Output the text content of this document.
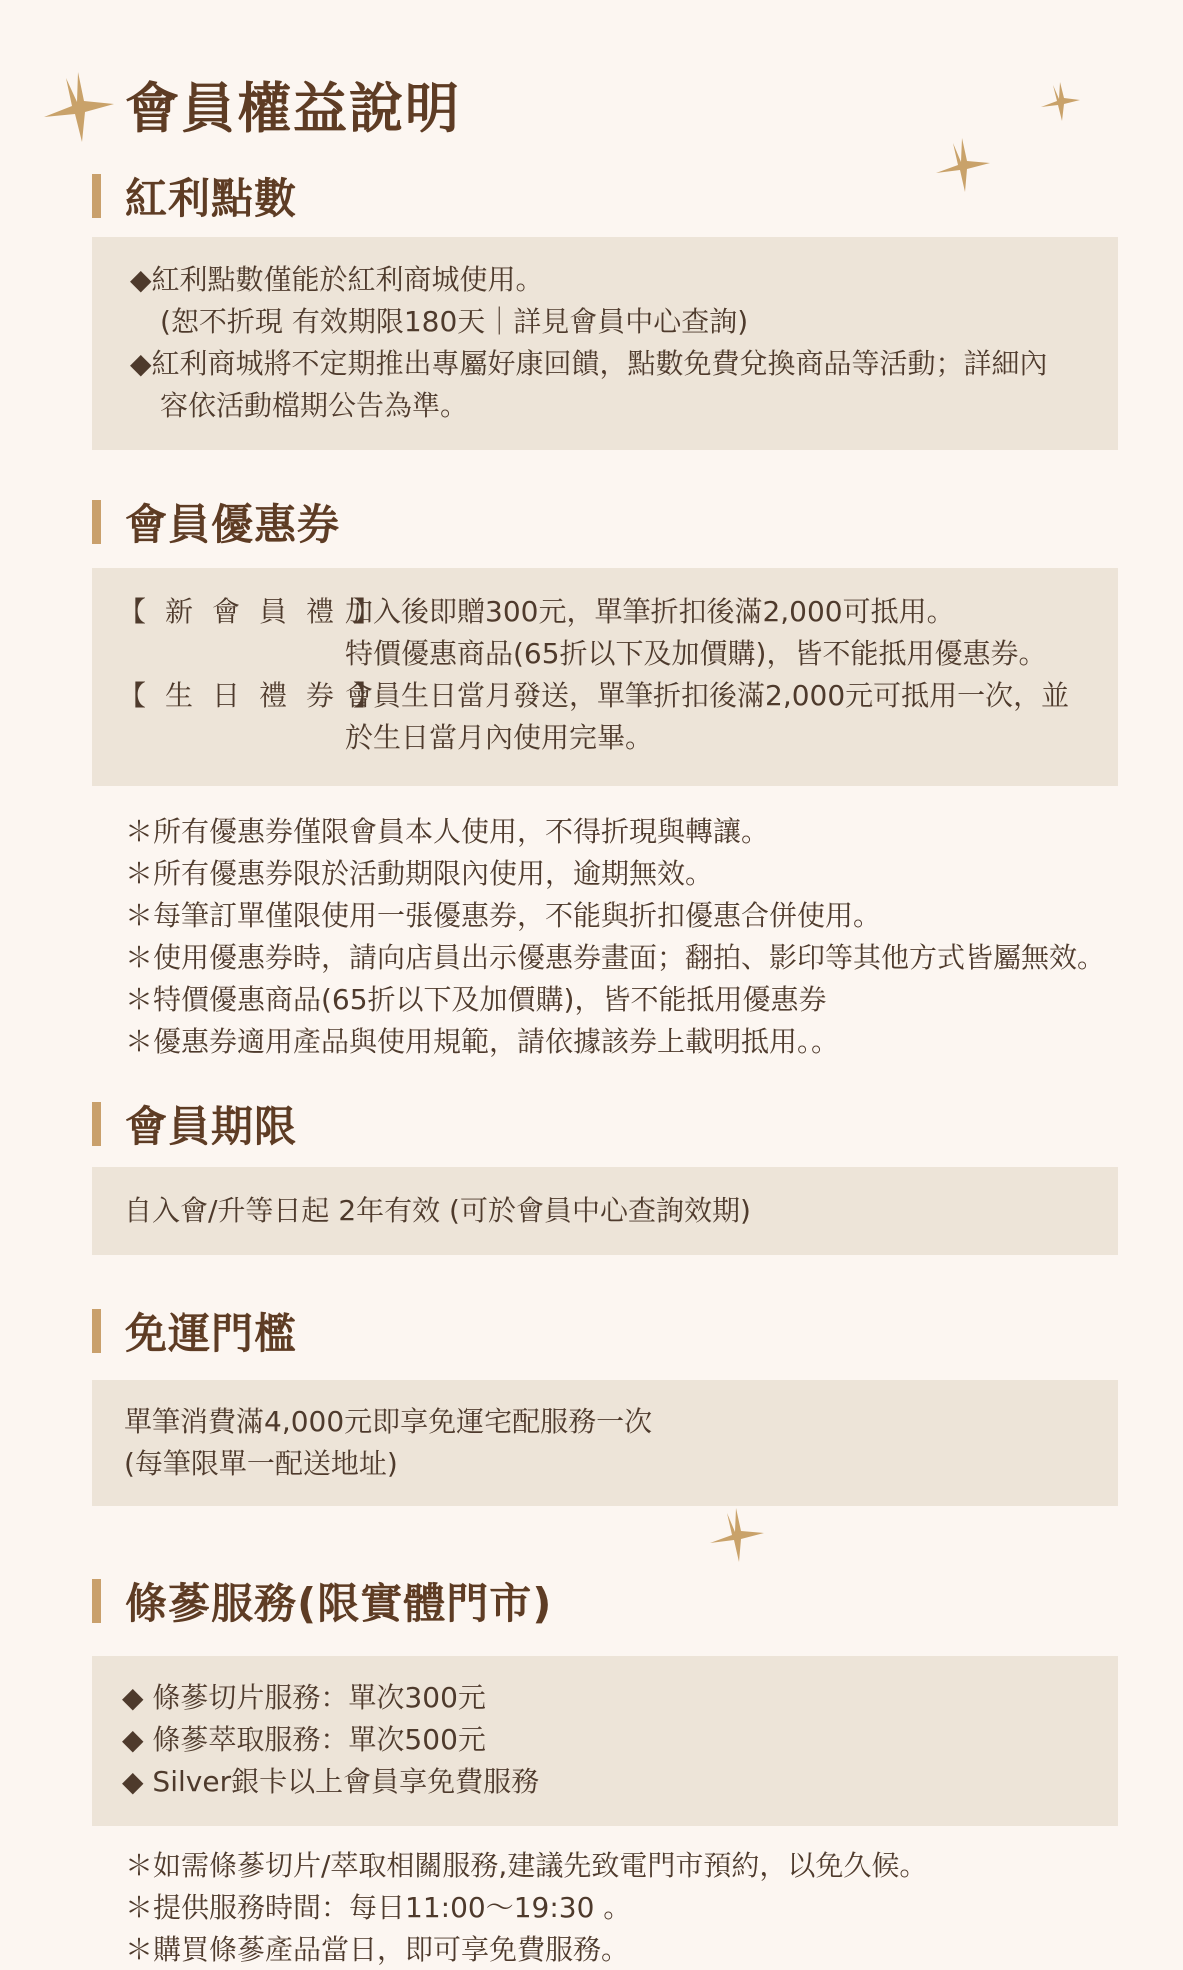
會員權益說明
紅利點數
◆紅利點數僅能於紅利商城使用。
(恕不折現 有效期限180天｜詳見會員中心查詢)
◆紅利商城將不定期推出專屬好康回饋，點數免費兌換商品等活動；詳細內
容依活動檔期公告為準。
會員優惠券
【新會員禮】
加入後即贈300元，單筆折扣後滿2,000可抵用。
特價優惠商品(65折以下及加價購)，皆不能抵用優惠券。
【生日禮券】
會員生日當月發送，單筆折扣後滿2,000元可抵用一次，並
於生日當月內使用完畢。
＊所有優惠券僅限會員本人使用，不得折現與轉讓。
＊所有優惠券限於活動期限內使用，逾期無效。
＊每筆訂單僅限使用一張優惠券，不能與折扣優惠合併使用。
＊使用優惠券時，請向店員出示優惠券畫面；翻拍、影印等其他方式皆屬無效。
＊特價優惠商品(65折以下及加價購)，皆不能抵用優惠券
＊優惠券適用產品與使用規範，請依據該券上載明抵用。。
會員期限
自入會/升等日起 2年有效 (可於會員中心查詢效期)
免運門檻
單筆消費滿4,000元即享免運宅配服務一次
(每筆限單一配送地址)
條蔘服務(限實體門市)
◆ 條蔘切片服務：單次300元
◆ 條蔘萃取服務：單次500元
◆ Silver銀卡以上會員享免費服務
＊如需條蔘切片/萃取相關服務,建議先致電門市預約，以免久候。
＊提供服務時間：每日11:00～19:30 。
＊購買條蔘產品當日，即可享免費服務。
